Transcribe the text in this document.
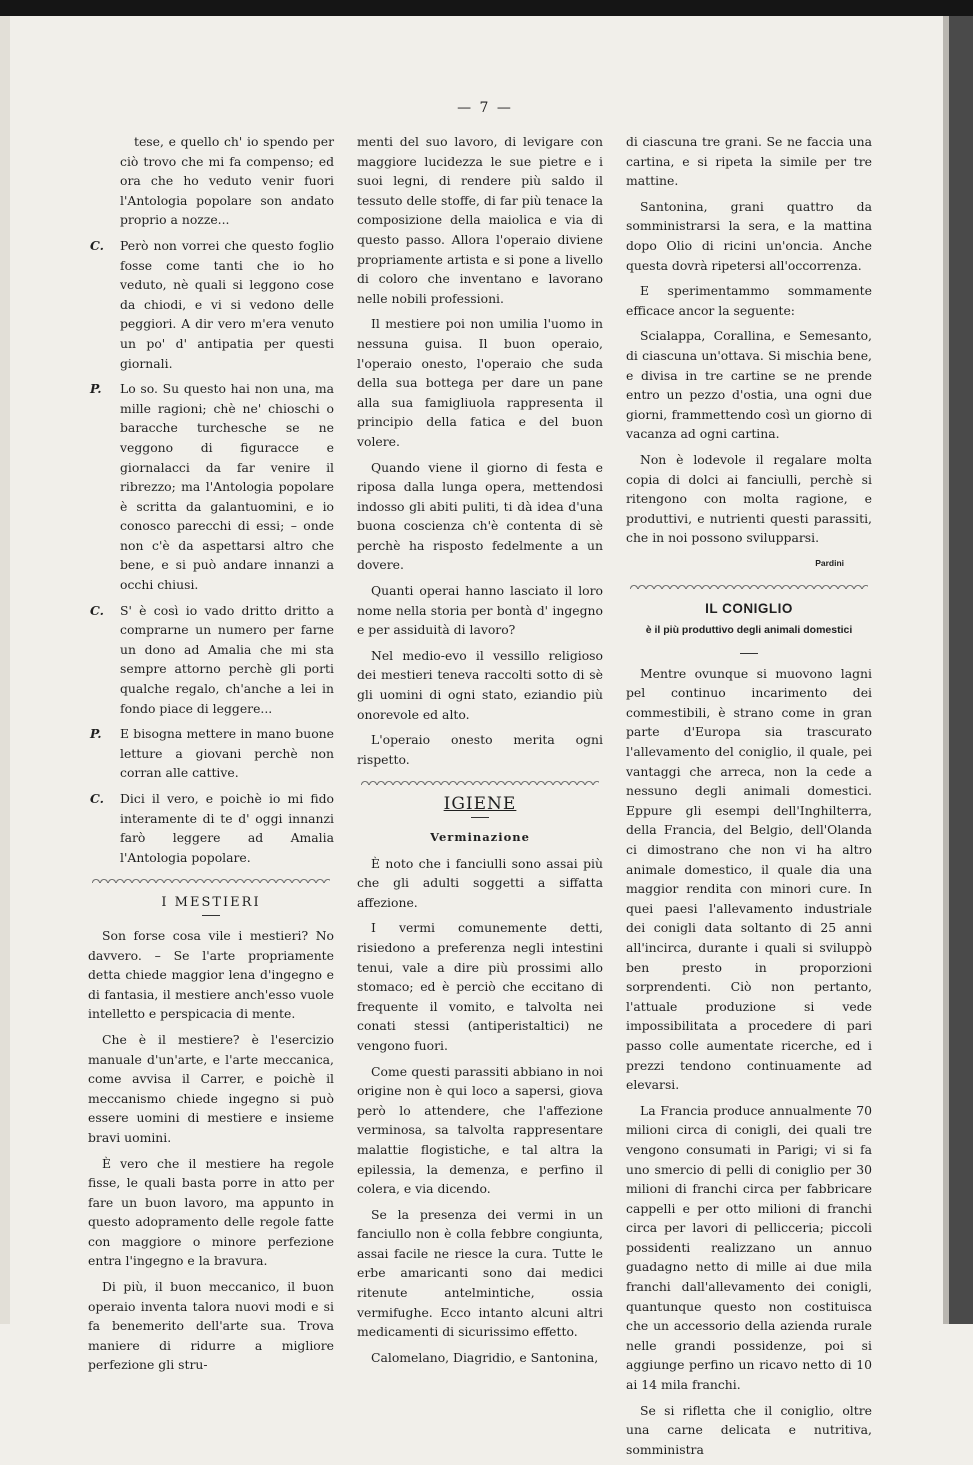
— 7 —

tese, e quello ch' io spendo per ciò trovo che mi fa compenso; ed ora che ho veduto venir fuori l'Antologia popolare son andato proprio a nozze...

C. Però non vorrei che questo foglio fosse come tanti che io ho veduto, nè quali si leggono cose da chiodi, e vi si vedono delle peggiori. A dir vero m'era venuto un po' d' antipatia per questi giornali.
P. Lo so. Su questo hai non una, ma mille ragioni; chè ne' chioschi o baracche turchesche se ne veggono di figuracce e giornalacci da far venire il ribrezzo; ma l'Antologia popolare è scritta da galantuomini, e io conosco parecchi di essi; – onde non c'è da aspettarsi altro che bene, e si può andare innanzi a occhi chiusi.
C. S' è così io vado dritto dritto a comprarne un numero per farne un dono ad Amalia che mi sta sempre attorno perchè gli porti qualche regalo, ch'anche a lei in fondo piace di leggere...
P. E bisogna mettere in mano buone letture a giovani perchè non corran alle cattive.
C. Dici il vero, e poichè io mi fido interamente di te d' oggi innanzi farò leggere ad Amalia l'Antologia popolare.
I MESTIERI

Son forse cosa vile i mestieri? No davvero. – Se l'arte propriamente detta chiede maggior lena d'ingegno e di fantasia, il mestiere anch'esso vuole intelletto e perspicacia di mente.

Che è il mestiere? è l'esercizio manuale d'un'arte, e l'arte meccanica, come avvisa il Carrer, e poichè il meccanismo chiede ingegno si può essere uomini di mestiere e insieme bravi uomini.

È vero che il mestiere ha regole fisse, le quali basta porre in atto per fare un buon lavoro, ma appunto in questo adopramento delle regole fatte con maggiore o minore perfezione entra l'ingegno e la bravura.

Di più, il buon meccanico, il buon operaio inventa talora nuovi modi e si fa benemerito dell'arte sua. Trova maniere di ridurre a migliore perfezione gli stru-

menti del suo lavoro, di levigare con maggiore lucidezza le sue pietre e i suoi legni, di rendere più saldo il tessuto delle stoffe, di far più tenace la composizione della maiolica e via di questo passo. Allora l'operaio diviene propriamente artista e si pone a livello di coloro che inventano e lavorano nelle nobili professioni.

Il mestiere poi non umilia l'uomo in nessuna guisa. Il buon operaio, l'operaio onesto, l'operaio che suda della sua bottega per dare un pane alla sua famigliuola rappresenta il principio della fatica e del buon volere.

Quando viene il giorno di festa e riposa dalla lunga opera, mettendosi indosso gli abiti puliti, ti dà idea d'una buona coscienza ch'è contenta di sè perchè ha risposto fedelmente a un dovere.

Quanti operai hanno lasciato il loro nome nella storia per bontà d' ingegno e per assiduità di lavoro?

Nel medio-evo il vessillo religioso dei mestieri teneva raccolti sotto di sè gli uomini di ogni stato, eziandio più onorevole ed alto.

L'operaio onesto merita ogni rispetto.

IGIENE
Verminazione

È noto che i fanciulli sono assai più che gli adulti soggetti a siffatta affezione.

I vermi comunemente detti, risiedono a preferenza negli intestini tenui, vale a dire più prossimi allo stomaco; ed è perciò che eccitano di frequente il vomito, e talvolta nei conati stessi (antiperistaltici) ne vengono fuori.

Come questi parassiti abbiano in noi origine non è qui loco a sapersi, giova però lo attendere, che l'affezione verminosa, sa talvolta rappresentare malattie flogistiche, e tal altra la epilessia, la demenza, e perfino il colera, e via dicendo.

Se la presenza dei vermi in un fanciullo non è colla febbre congiunta, assai facile ne riesce la cura. Tutte le erbe amaricanti sono dai medici ritenute antelmintiche, ossia vermifughe. Ecco intanto alcuni altri medicamenti di sicurissimo effetto.

Calomelano, Diagridio, e Santonina,

di ciascuna tre grani. Se ne faccia una cartina, e si ripeta la simile per tre mattine.

Santonina, grani quattro da somministrarsi la sera, e la mattina dopo Olio di ricini un'oncia. Anche questa dovrà ripetersi all'occorrenza.

E sperimentammo sommamente efficace ancor la seguente:

Scialappa, Corallina, e Semesanto, di ciascuna un'ottava. Si mischia bene, e divisa in tre cartine se ne prende entro un pezzo d'ostia, una ogni due giorni, frammettendo così un giorno di vacanza ad ogni cartina.

Non è lodevole il regalare molta copia di dolci ai fanciulli, perchè si ritengono con molta ragione, e produttivi, e nutrienti questi parassiti, che in noi possono svilupparsi.

Pardini
IL CONIGLIO
è il più produttivo degli animali domestici

Mentre ovunque si muovono lagni pel continuo incarimento dei commestibili, è strano come in gran parte d'Europa sia trascurato l'allevamento del coniglio, il quale, pei vantaggi che arreca, non la cede a nessuno degli animali domestici. Eppure gli esempi dell'Inghilterra, della Francia, del Belgio, dell'Olanda ci dimostrano che non vi ha altro animale domestico, il quale dia una maggior rendita con minori cure. In quei paesi l'allevamento industriale dei conigli data soltanto di 25 anni all'incirca, durante i quali si sviluppò ben presto in proporzioni sorprendenti. Ciò non pertanto, l'attuale produzione si vede impossibilitata a procedere di pari passo colle aumentate ricerche, ed i prezzi tendono continuamente ad elevarsi.

La Francia produce annualmente 70 milioni circa di conigli, dei quali tre vengono consumati in Parigi; vi si fa uno smercio di pelli di coniglio per 30 milioni di franchi circa per fabbricare cappelli e per otto milioni di franchi circa per lavori di pellicceria; piccoli possidenti realizzano un annuo guadagno netto di mille ai due mila franchi dall'allevamento dei conigli, quantunque questo non costituisca che un accessorio della azienda rurale nelle grandi possidenze, poi si aggiunge perfino un ricavo netto di 10 ai 14 mila franchi.

Se si rifletta che il coniglio, oltre una carne delicata e nutritiva, somministra
